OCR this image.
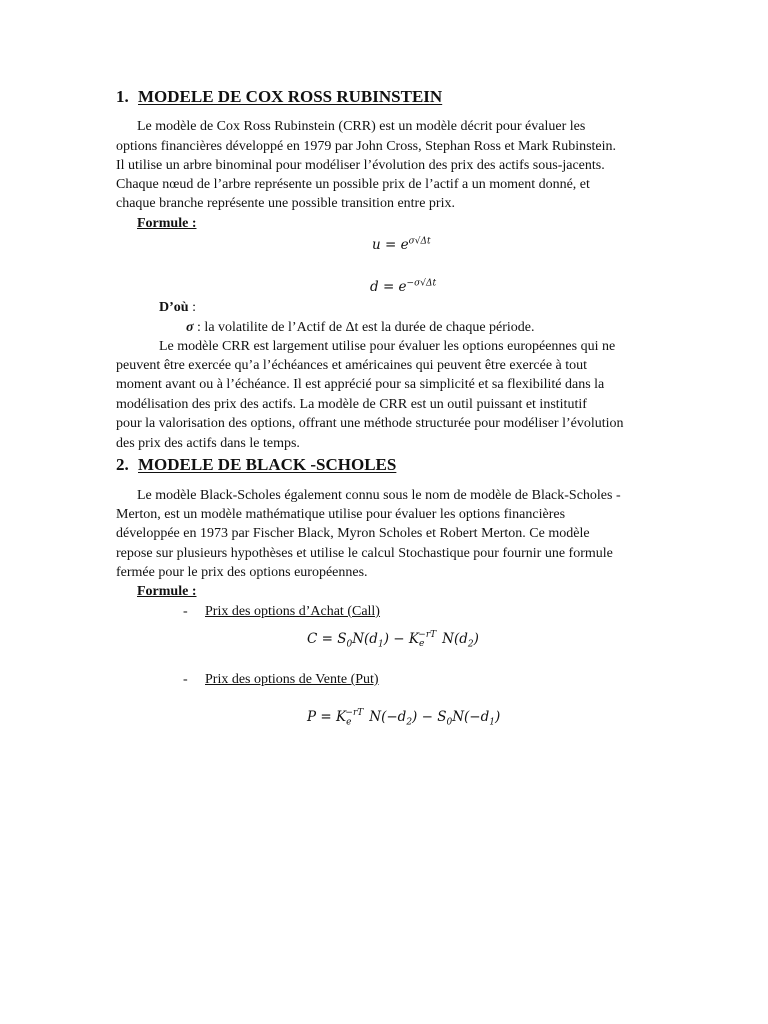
1. MODELE DE COX ROSS RUBINSTEIN
Le modèle de Cox Ross Rubinstein (CRR) est un modèle décrit pour évaluer les
options financières développé en 1979 par John Cross, Stephan Ross et Mark Rubinstein.
Il utilise un arbre binominal pour modéliser l’évolution des prix des actifs sous-jacents.
Chaque nœud de l’arbre représente un possible prix de l’actif a un moment donné, et
chaque branche représente une possible transition entre prix.
Formule :
$u = e^{\sigma√\Delta t}$
$d = e^{-\sigma√\Delta t}$
D’où :
σ : la volatilite de l’Actif de Δt est la durée de chaque période.
Le modèle CRR est largement utilise pour évaluer les options européennes qui ne
peuvent être exercée qu’a l’échéances et américaines qui peuvent être exercée à tout
moment avant ou à l’échéance. Il est apprécié pour sa simplicité et sa flexibilité dans la
modélisation des prix des actifs. La modèle de CRR est un outil puissant et institutif
pour la valorisation des options, offrant une méthode structurée pour modéliser l’évolution
des prix des actifs dans le temps.
2. MODELE DE BLACK -SCHOLES
Le modèle Black-Scholes également connu sous le nom de modèle de Black-Scholes -
Merton, est un modèle mathématique utilise pour évaluer les options financières
développée en 1973 par Fischer Black, Myron Scholes et Robert Merton. Ce modèle
repose sur plusieurs hypothèses et utilise le calcul Stochastique pour fournir une formule
fermée pour le prix des options européennes.
Formule :
- Prix des options d’Achat (Call)
$C = S_0N(d_1) - K_e^{-rT}$ $N(d_2)$
- Prix des options de Vente (Put)
$P = K_e^{-rT}$ $N(-d_2) - S_0N(-d_1)$
